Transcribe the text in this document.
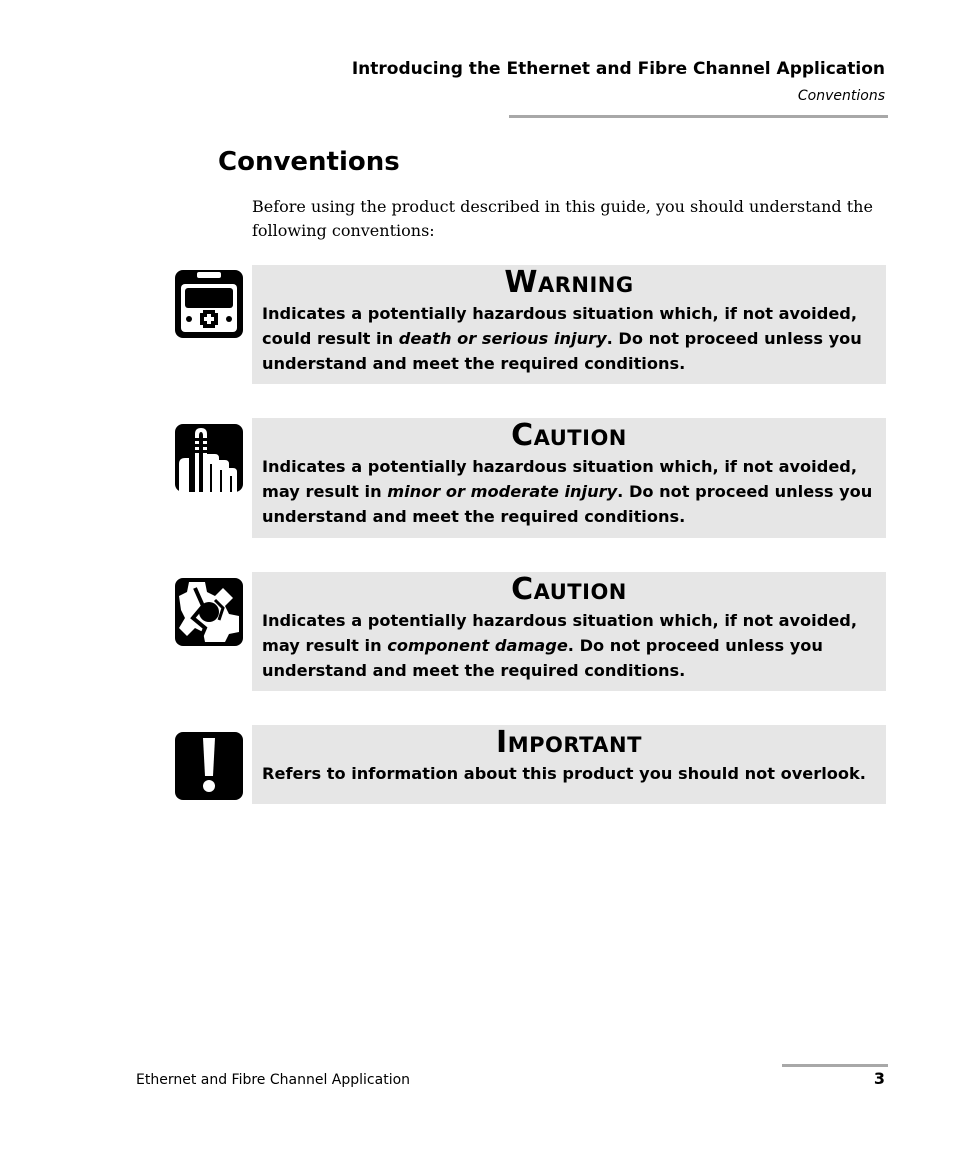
Introducing the Ethernet and Fibre Channel Application
Conventions
Conventions
Before using the product described in this guide, you should understand the following conventions:
Warning
Indicates a potentially hazardous situation which, if not avoided, could result in death or serious injury. Do not proceed unless you understand and meet the required conditions.
Caution
Indicates a potentially hazardous situation which, if not avoided, may result in minor or moderate injury. Do not proceed unless you understand and meet the required conditions.
Caution
Indicates a potentially hazardous situation which, if not avoided, may result in component damage. Do not proceed unless you understand and meet the required conditions.
Important
Refers to information about this product you should not overlook.
Ethernet and Fibre Channel Application	3
